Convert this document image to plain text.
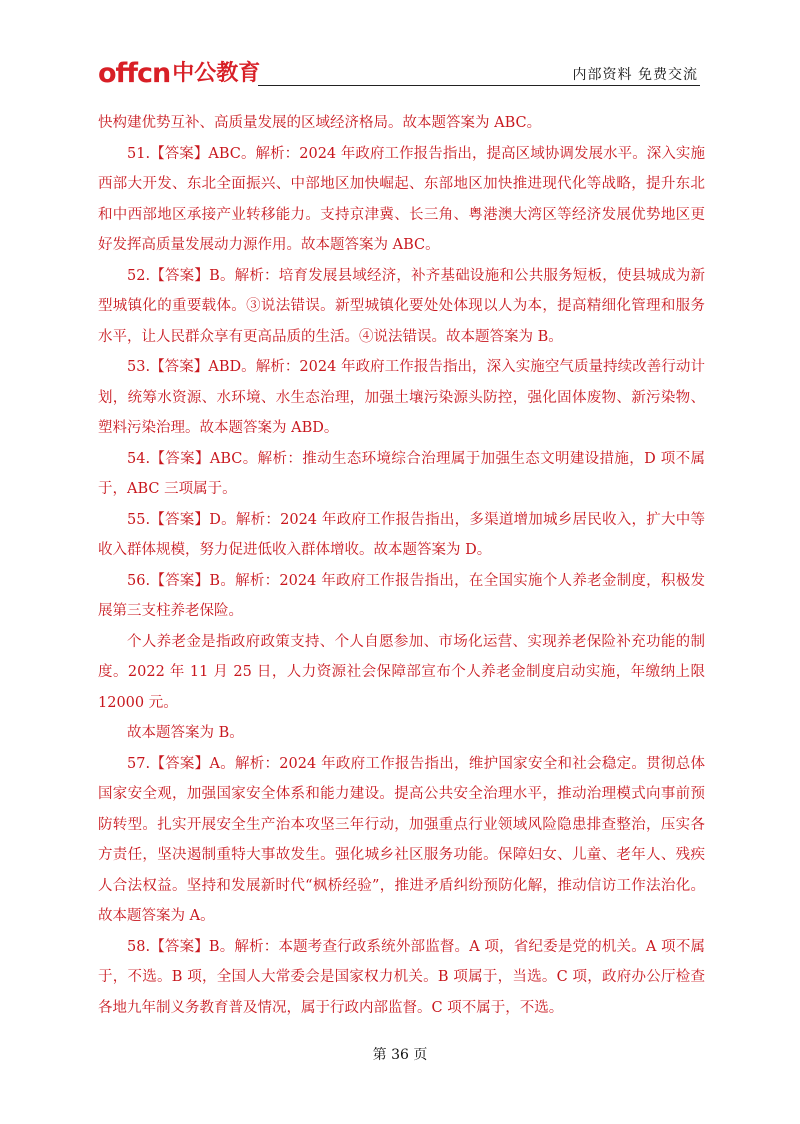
offcn 中公教育	内部资料 免费交流

快构建优势互补、高质量发展的区域经济格局。故本题答案为 ABC。

51.【答案】ABC。解析：2024 年政府工作报告指出，提高区域协调发展水平。深入实施西部大开发、东北全面振兴、中部地区加快崛起、东部地区加快推进现代化等战略，提升东北和中西部地区承接产业转移能力。支持京津冀、长三角、粤港澳大湾区等经济发展优势地区更好发挥高质量发展动力源作用。故本题答案为 ABC。

52.【答案】B。解析：培育发展县域经济，补齐基础设施和公共服务短板，使县城成为新型城镇化的重要载体。③说法错误。新型城镇化要处处体现以人为本，提高精细化管理和服务水平，让人民群众享有更高品质的生活。④说法错误。故本题答案为 B。

53.【答案】ABD。解析：2024 年政府工作报告指出，深入实施空气质量持续改善行动计划，统筹水资源、水环境、水生态治理，加强土壤污染源头防控，强化固体废物、新污染物、塑料污染治理。故本题答案为 ABD。

54.【答案】ABC。解析：推动生态环境综合治理属于加强生态文明建设措施，D 项不属于，ABC 三项属于。

55.【答案】D。解析：2024 年政府工作报告指出，多渠道增加城乡居民收入，扩大中等收入群体规模，努力促进低收入群体增收。故本题答案为 D。

56.【答案】B。解析：2024 年政府工作报告指出，在全国实施个人养老金制度，积极发展第三支柱养老保险。

个人养老金是指政府政策支持、个人自愿参加、市场化运营、实现养老保险补充功能的制度。2022 年 11 月 25 日，人力资源社会保障部宣布个人养老金制度启动实施，年缴纳上限 12000 元。

故本题答案为 B。

57.【答案】A。解析：2024 年政府工作报告指出，维护国家安全和社会稳定。贯彻总体国家安全观，加强国家安全体系和能力建设。提高公共安全治理水平，推动治理模式向事前预防转型。扎实开展安全生产治本攻坚三年行动，加强重点行业领域风险隐患排查整治，压实各方责任，坚决遏制重特大事故发生。强化城乡社区服务功能。保障妇女、儿童、老年人、残疾人合法权益。坚持和发展新时代“枫桥经验”，推进矛盾纠纷预防化解，推动信访工作法治化。故本题答案为 A。

58.【答案】B。解析：本题考查行政系统外部监督。A 项，省纪委是党的机关。A 项不属于，不选。B 项，全国人大常委会是国家权力机关。B 项属于，当选。C 项，政府办公厅检查各地九年制义务教育普及情况，属于行政内部监督。C 项不属于，不选。

第 36 页
